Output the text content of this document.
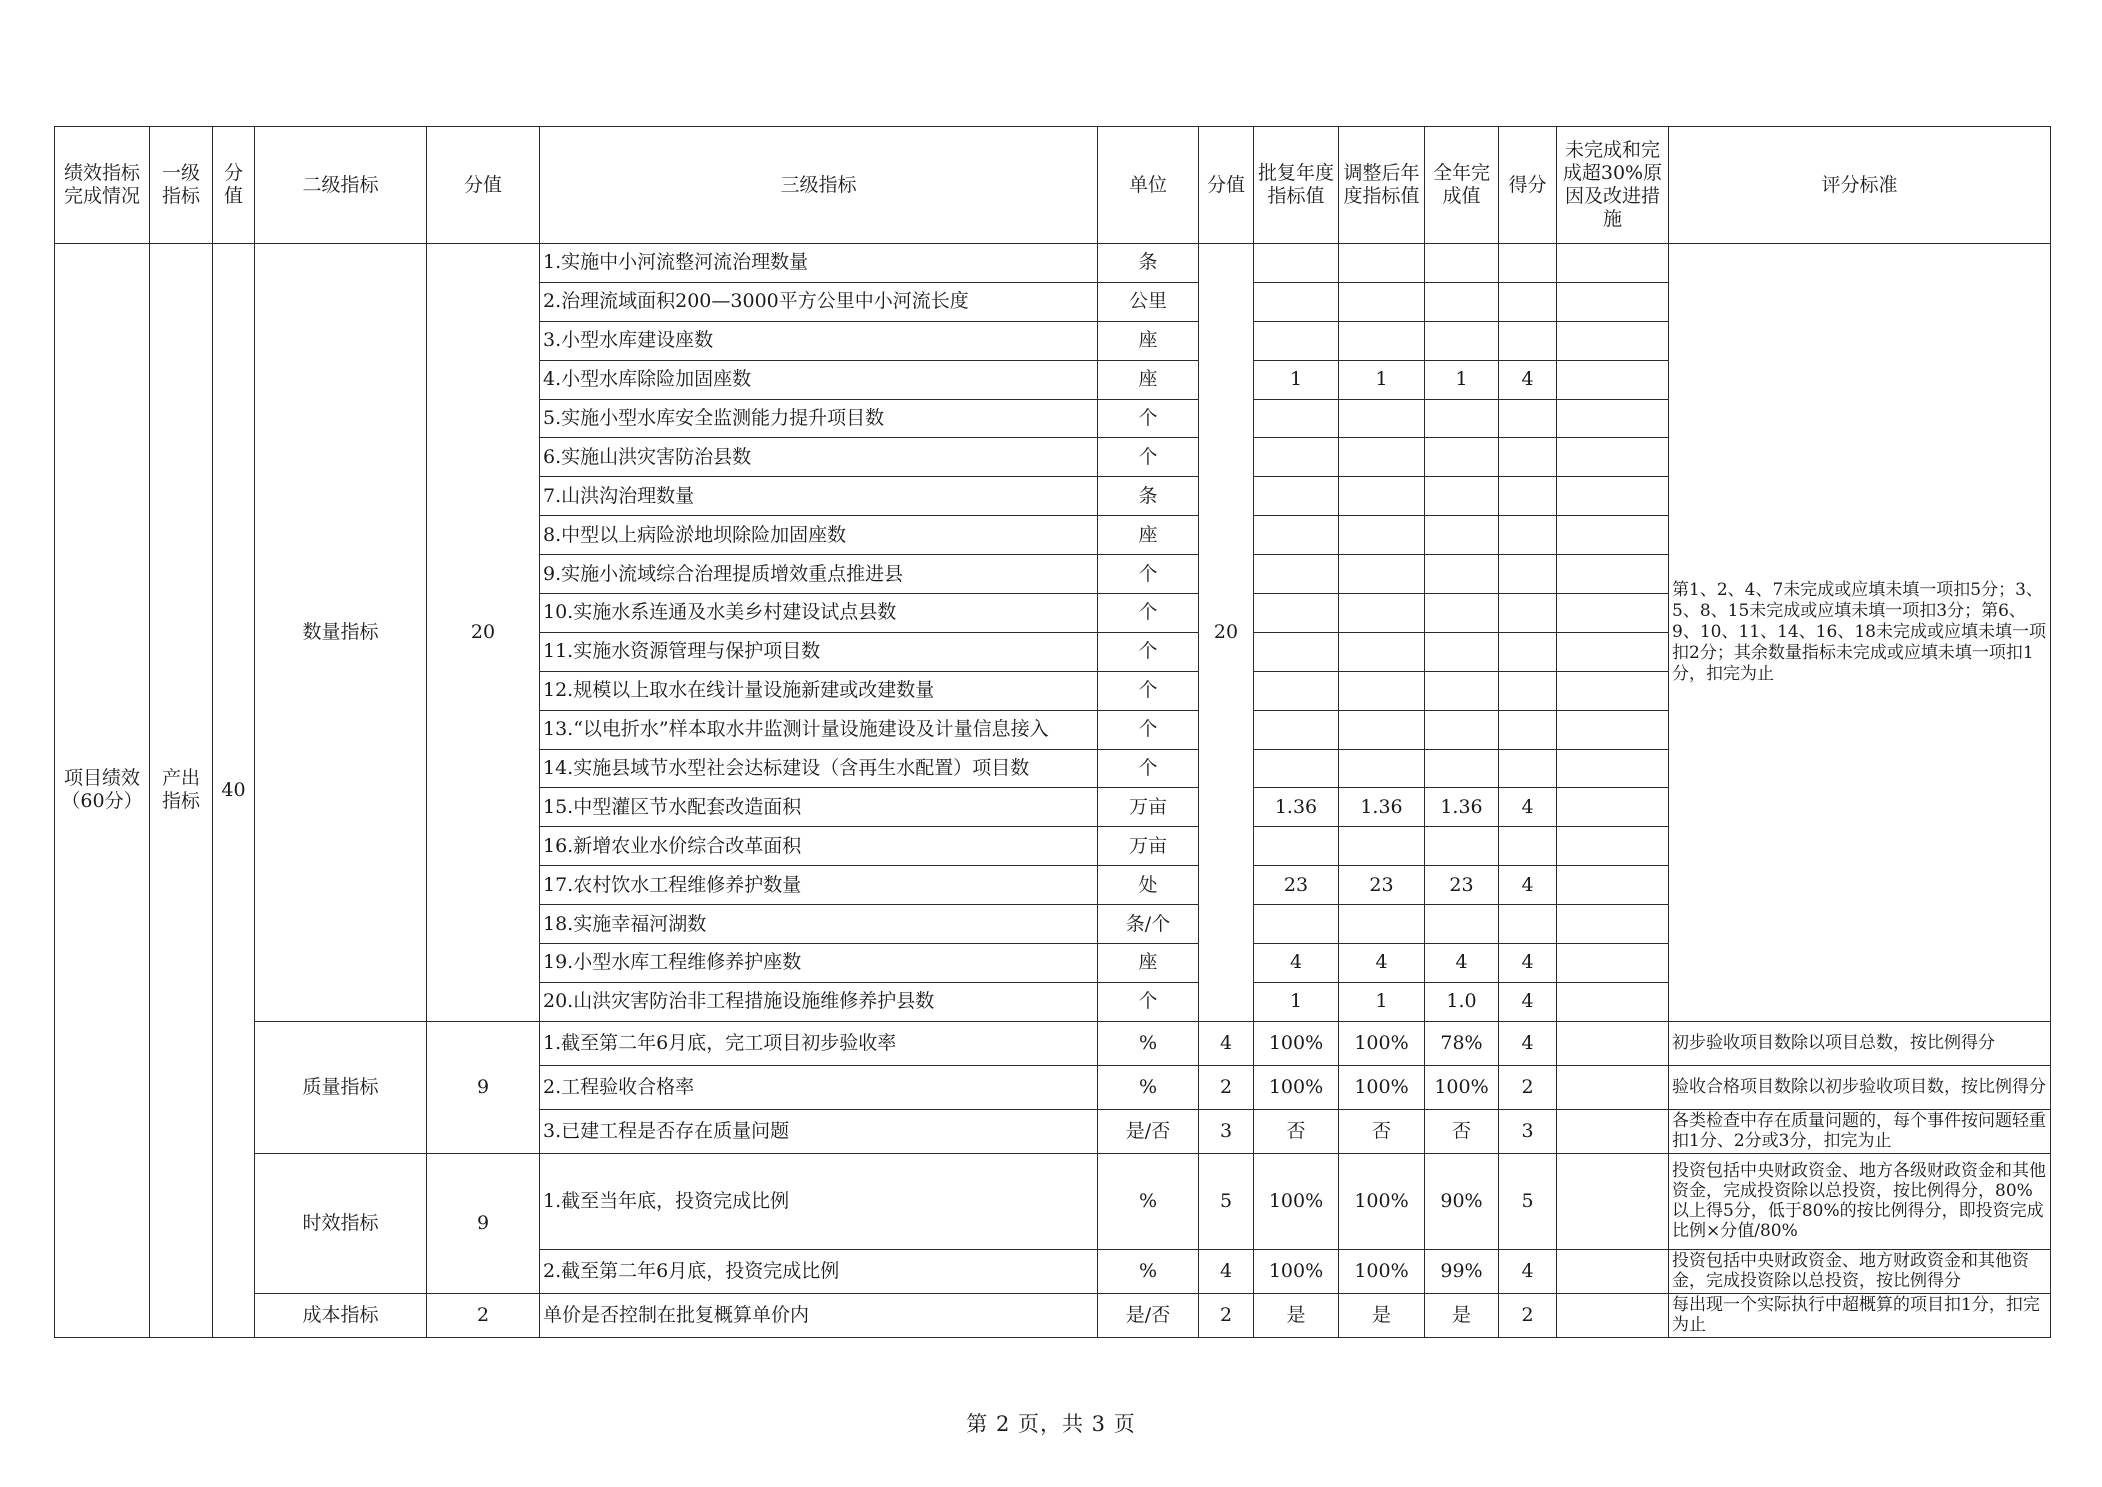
绩效指标完成情况	一级指标	分值	二级指标	分值	三级指标	单位	分值	批复年度指标值	调整后年度指标值	全年完成值	得分	未完成和完成超30%原因及改进措施	评分标准
项目绩效（60分）	产出指标	40	数量指标	20	1.实施中小河流整河流治理数量	条	20						第1、2、4、7未完成或应填未填一项扣5分；3、5、8、15未完成或应填未填一项扣3分；第6、9、10、11、14、16、18未完成或应填未填一项扣2分；其余数量指标未完成或应填未填一项扣1分，扣完为止
					2.治理流域面积200—3000平方公里中小河流长度	公里							
					3.小型水库建设座数	座							
					4.小型水库除险加固座数	座		1	1	1	4		
					5.实施小型水库安全监测能力提升项目数	个							
					6.实施山洪灾害防治县数	个							
					7.山洪沟治理数量	条							
					8.中型以上病险淤地坝除险加固座数	座							
					9.实施小流域综合治理提质增效重点推进县	个							
					10.实施水系连通及水美乡村建设试点县数	个							
					11.实施水资源管理与保护项目数	个							
					12.规模以上取水在线计量设施新建或改建数量	个							
					13.“以电折水”样本取水井监测计量设施建设及计量信息接入	个							
					14.实施县域节水型社会达标建设（含再生水配置）项目数	个							
					15.中型灌区节水配套改造面积	万亩		1.36	1.36	1.36	4		
					16.新增农业水价综合改革面积	万亩							
					17.农村饮水工程维修养护数量	处		23	23	23	4		
					18.实施幸福河湖数	条/个							
					19.小型水库工程维修养护座数	座		4	4	4	4		
					20.山洪灾害防治非工程措施设施维修养护县数	个		1	1	1.0	4		
			质量指标	9	1.截至第二年6月底，完工项目初步验收率	%	4	100%	100%	78%	4		初步验收项目数除以项目总数，按比例得分
					2.工程验收合格率	%	2	100%	100%	100%	2		验收合格项目数除以初步验收项目数，按比例得分
					3.已建工程是否存在质量问题	是/否	3	否	否	否	3		各类检查中存在质量问题的，每个事件按问题轻重扣1分、2分或3分，扣完为止
			时效指标	9	1.截至当年底，投资完成比例	%	5	100%	100%	90%	5		投资包括中央财政资金、地方各级财政资金和其他资金，完成投资除以总投资，按比例得分，80%以上得5分，低于80%的按比例得分，即投资完成比例×分值/80%
					2.截至第二年6月底，投资完成比例	%	4	100%	100%	99%	4		投资包括中央财政资金、地方财政资金和其他资金，完成投资除以总投资，按比例得分
			成本指标	2	单价是否控制在批复概算单价内	是/否	2	是	是	是	2		每出现一个实际执行中超概算的项目扣1分，扣完为止
第 2 页，共 3 页
